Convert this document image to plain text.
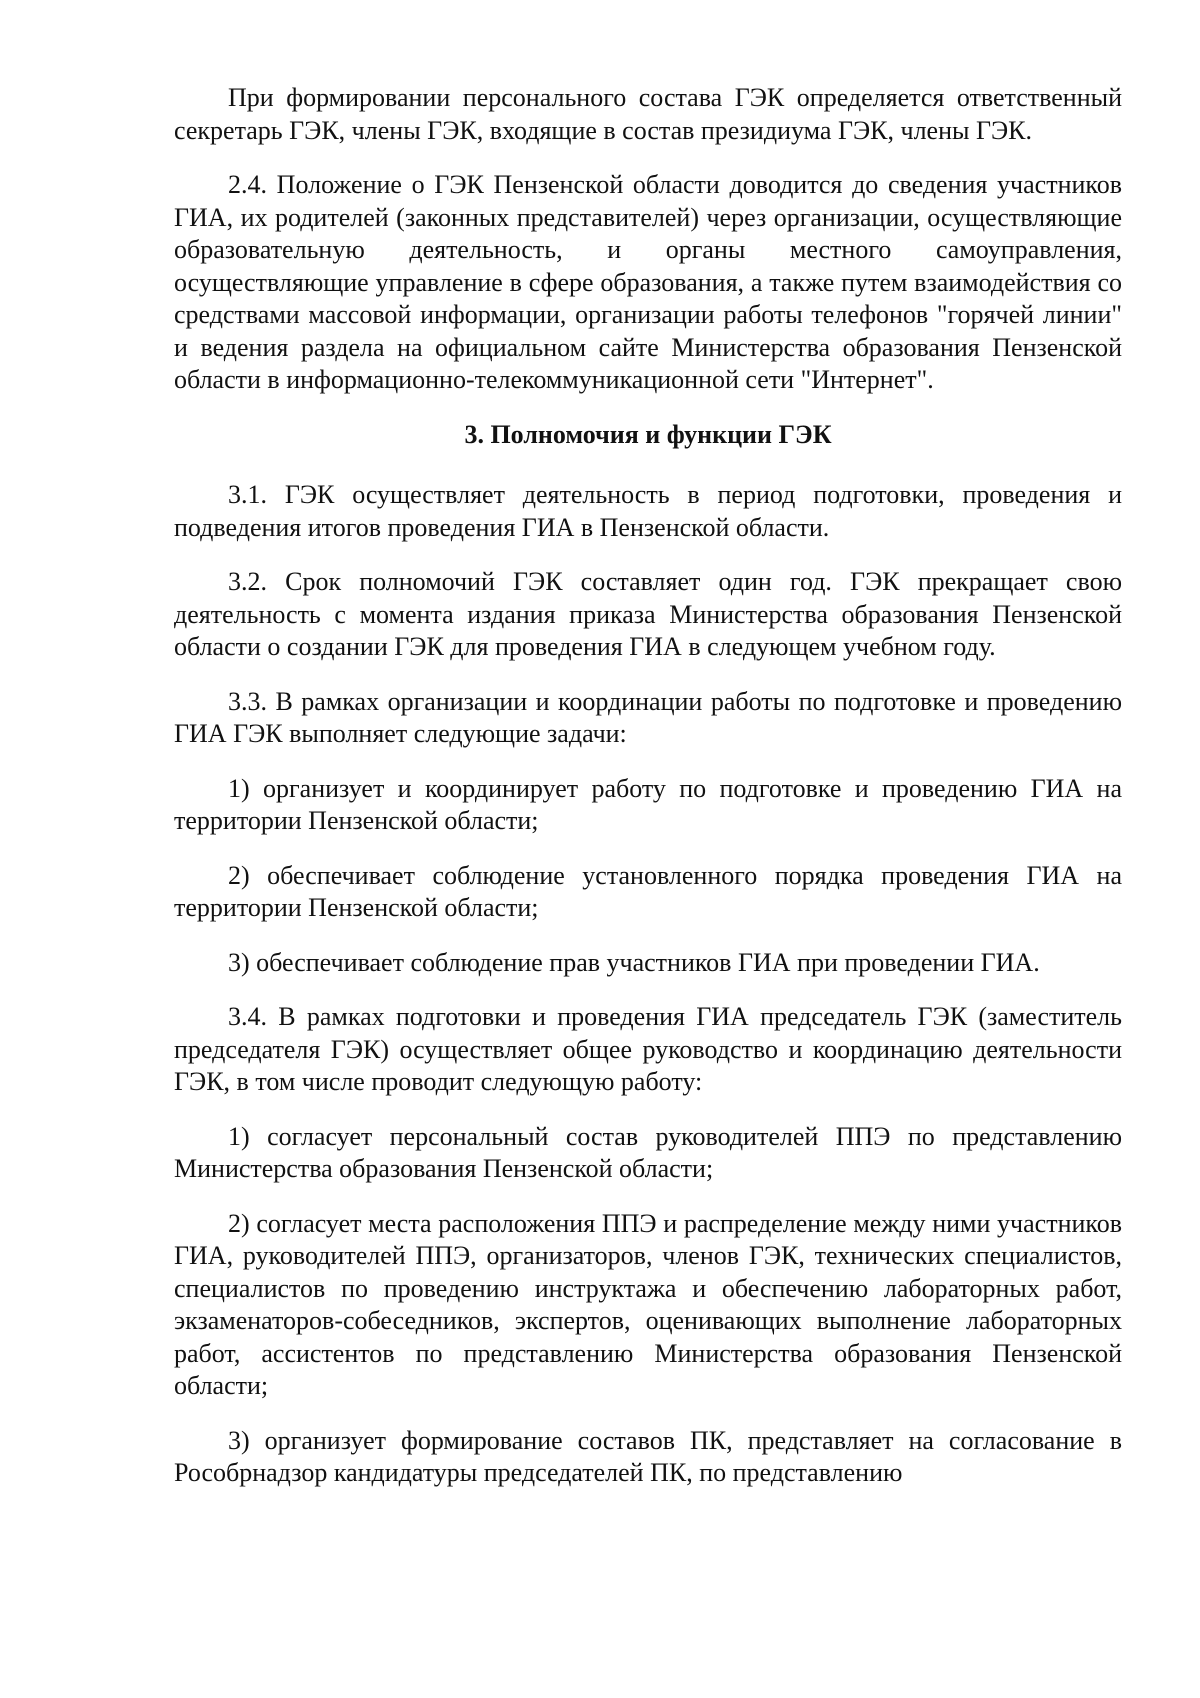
При формировании персонального состава ГЭК определяется ответственный секретарь ГЭК, члены ГЭК, входящие в состав президиума ГЭК, члены ГЭК.

2.4. Положение о ГЭК Пензенской области доводится до сведения участников ГИА, их родителей (законных представителей) через организации, осуществляющие образовательную деятельность, и органы местного самоуправления, осуществляющие управление в сфере образования, а также путем взаимодействия со средствами массовой информации, организации работы телефонов "горячей линии" и ведения раздела на официальном сайте Министерства образования Пензенской области в информационно-телекоммуникационной сети "Интернет".

3. Полномочия и функции ГЭК

3.1. ГЭК осуществляет деятельность в период подготовки, проведения и подведения итогов проведения ГИА в Пензенской области.

3.2. Срок полномочий ГЭК составляет один год. ГЭК прекращает свою деятельность с момента издания приказа Министерства образования Пензенской области о создании ГЭК для проведения ГИА в следующем учебном году.

3.3. В рамках организации и координации работы по подготовке и проведению ГИА ГЭК выполняет следующие задачи:

1) организует и координирует работу по подготовке и проведению ГИА на территории Пензенской области;

2) обеспечивает соблюдение установленного порядка проведения ГИА на территории Пензенской области;

3) обеспечивает соблюдение прав участников ГИА при проведении ГИА.

3.4. В рамках подготовки и проведения ГИА председатель ГЭК (заместитель председателя ГЭК) осуществляет общее руководство и координацию деятельности ГЭК, в том числе проводит следующую работу:

1) согласует персональный состав руководителей ППЭ по представлению Министерства образования Пензенской области;

2) согласует места расположения ППЭ и распределение между ними участников ГИА, руководителей ППЭ, организаторов, членов ГЭК, технических специалистов, специалистов по проведению инструктажа и обеспечению лабораторных работ, экзаменаторов-собеседников, экспертов, оценивающих выполнение лабораторных работ, ассистентов по представлению Министерства образования Пензенской области;

3) организует формирование составов ПК, представляет на согласование в Рособрнадзор кандидатуры председателей ПК, по представлению
